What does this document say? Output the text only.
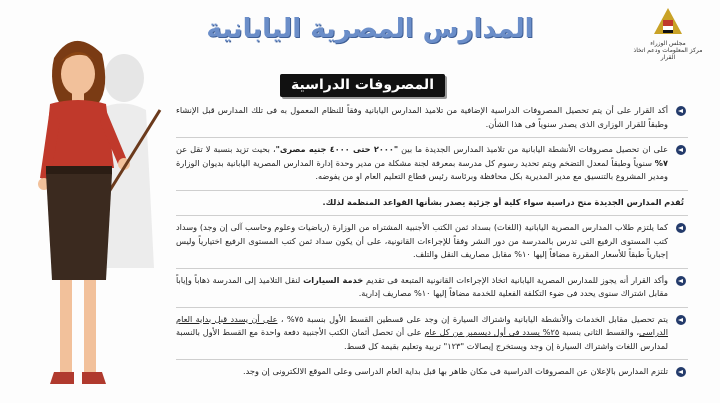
مجلس الوزراء
مركز المعلومات ودعم اتخاذ القرار
المدارس المصرية اليابانية
المصروفات الدراسية
أكد القرار على أن يتم تحصيل المصروفات الدراسية الإضافية من تلاميذ المدارس اليابانية وفقاً للنظام المعمول به فى تلك المدارس قبل الإنشاء وطبقاً للقرار الوزارى الذى يصدر سنوياً فى هذا الشأن.
على ان تحصيل مصروفات الأنشطة اليابانية من تلاميذ المدارس الجديدة ما بين "٢٠٠٠ حتى ٤٠٠٠ جنيه مصرى"، بحيث تزيد بنسبة لا تقل عن ٧% سنوياً وطبقاً لمعدل التضخم ويتم تحديد رسوم كل مدرسة بمعرفة لجنة مشكلة من مدير وحدة إدارة المدارس المصرية اليابانية بديوان الوزارة ومدير المشروع بالتنسيق مع مدير المديرية بكل محافظة وبرئاسة رئيس قطاع التعليم العام او من يفوضه.
تُقدم المدارس الجديدة منح دراسية سواء كلية أو جزئية يصدر بشأنها القواعد المنظمة لذلك.
كما يلتزم طلاب المدارس المصرية اليابانية (اللغات) بسداد ثمن الكتب الأجنبية المشتراه من الوزارة (رياضيات وعلوم وحاسب آلى إن وجد) وسداد كتب المستوى الرفيع التى تدرس بالمدرسة من دور النشر وفقاً للإجراءات القانونية، على أن يكون سداد ثمن كتب المستوى الرفيع اختيارياً وليس إجبارياً طبقاً للأسعار المقررة مضافاً إليها ١٠% مقابل مصاريف النقل والتلف.
وأكد القرار أنه يجوز للمدارس المصرية اليابانية اتخاذ الإجراءات القانونية المتبعة فى تقديم خدمة السيارات لنقل التلاميذ إلى المدرسة ذهاباً وإياباً مقابل اشتراك سنوى يحدد فى ضوء التكلفة الفعلية للخدمة مضافاً إليها ١٠% مصاريف إدارية.
يتم تحصيل مقابل الخدمات والأنشطة اليابانية واشتراك السيارة إن وجد على قسطين القسط الأول بنسبة ٧٥% ، على أن يسدد قبل بداية العام الدراسى، والقسط الثانى بنسبة ٢٥% يسدد فى أول ديسمبر من كل عام على أن تحصل أثمان الكتب الأجنبية دفعة واحدة مع القسط الأول بالنسبة لمدارس اللغات واشتراك السيارة إن وجد ويستخرج إيصالات "١٢٣" تربية وتعليم بقيمة كل قسط.
تلتزم المدارس بالإعلان عن المصروفات الدراسية فى مكان ظاهر بها قبل بداية العام الدراسى وعلى الموقع الالكترونى إن وجد.
